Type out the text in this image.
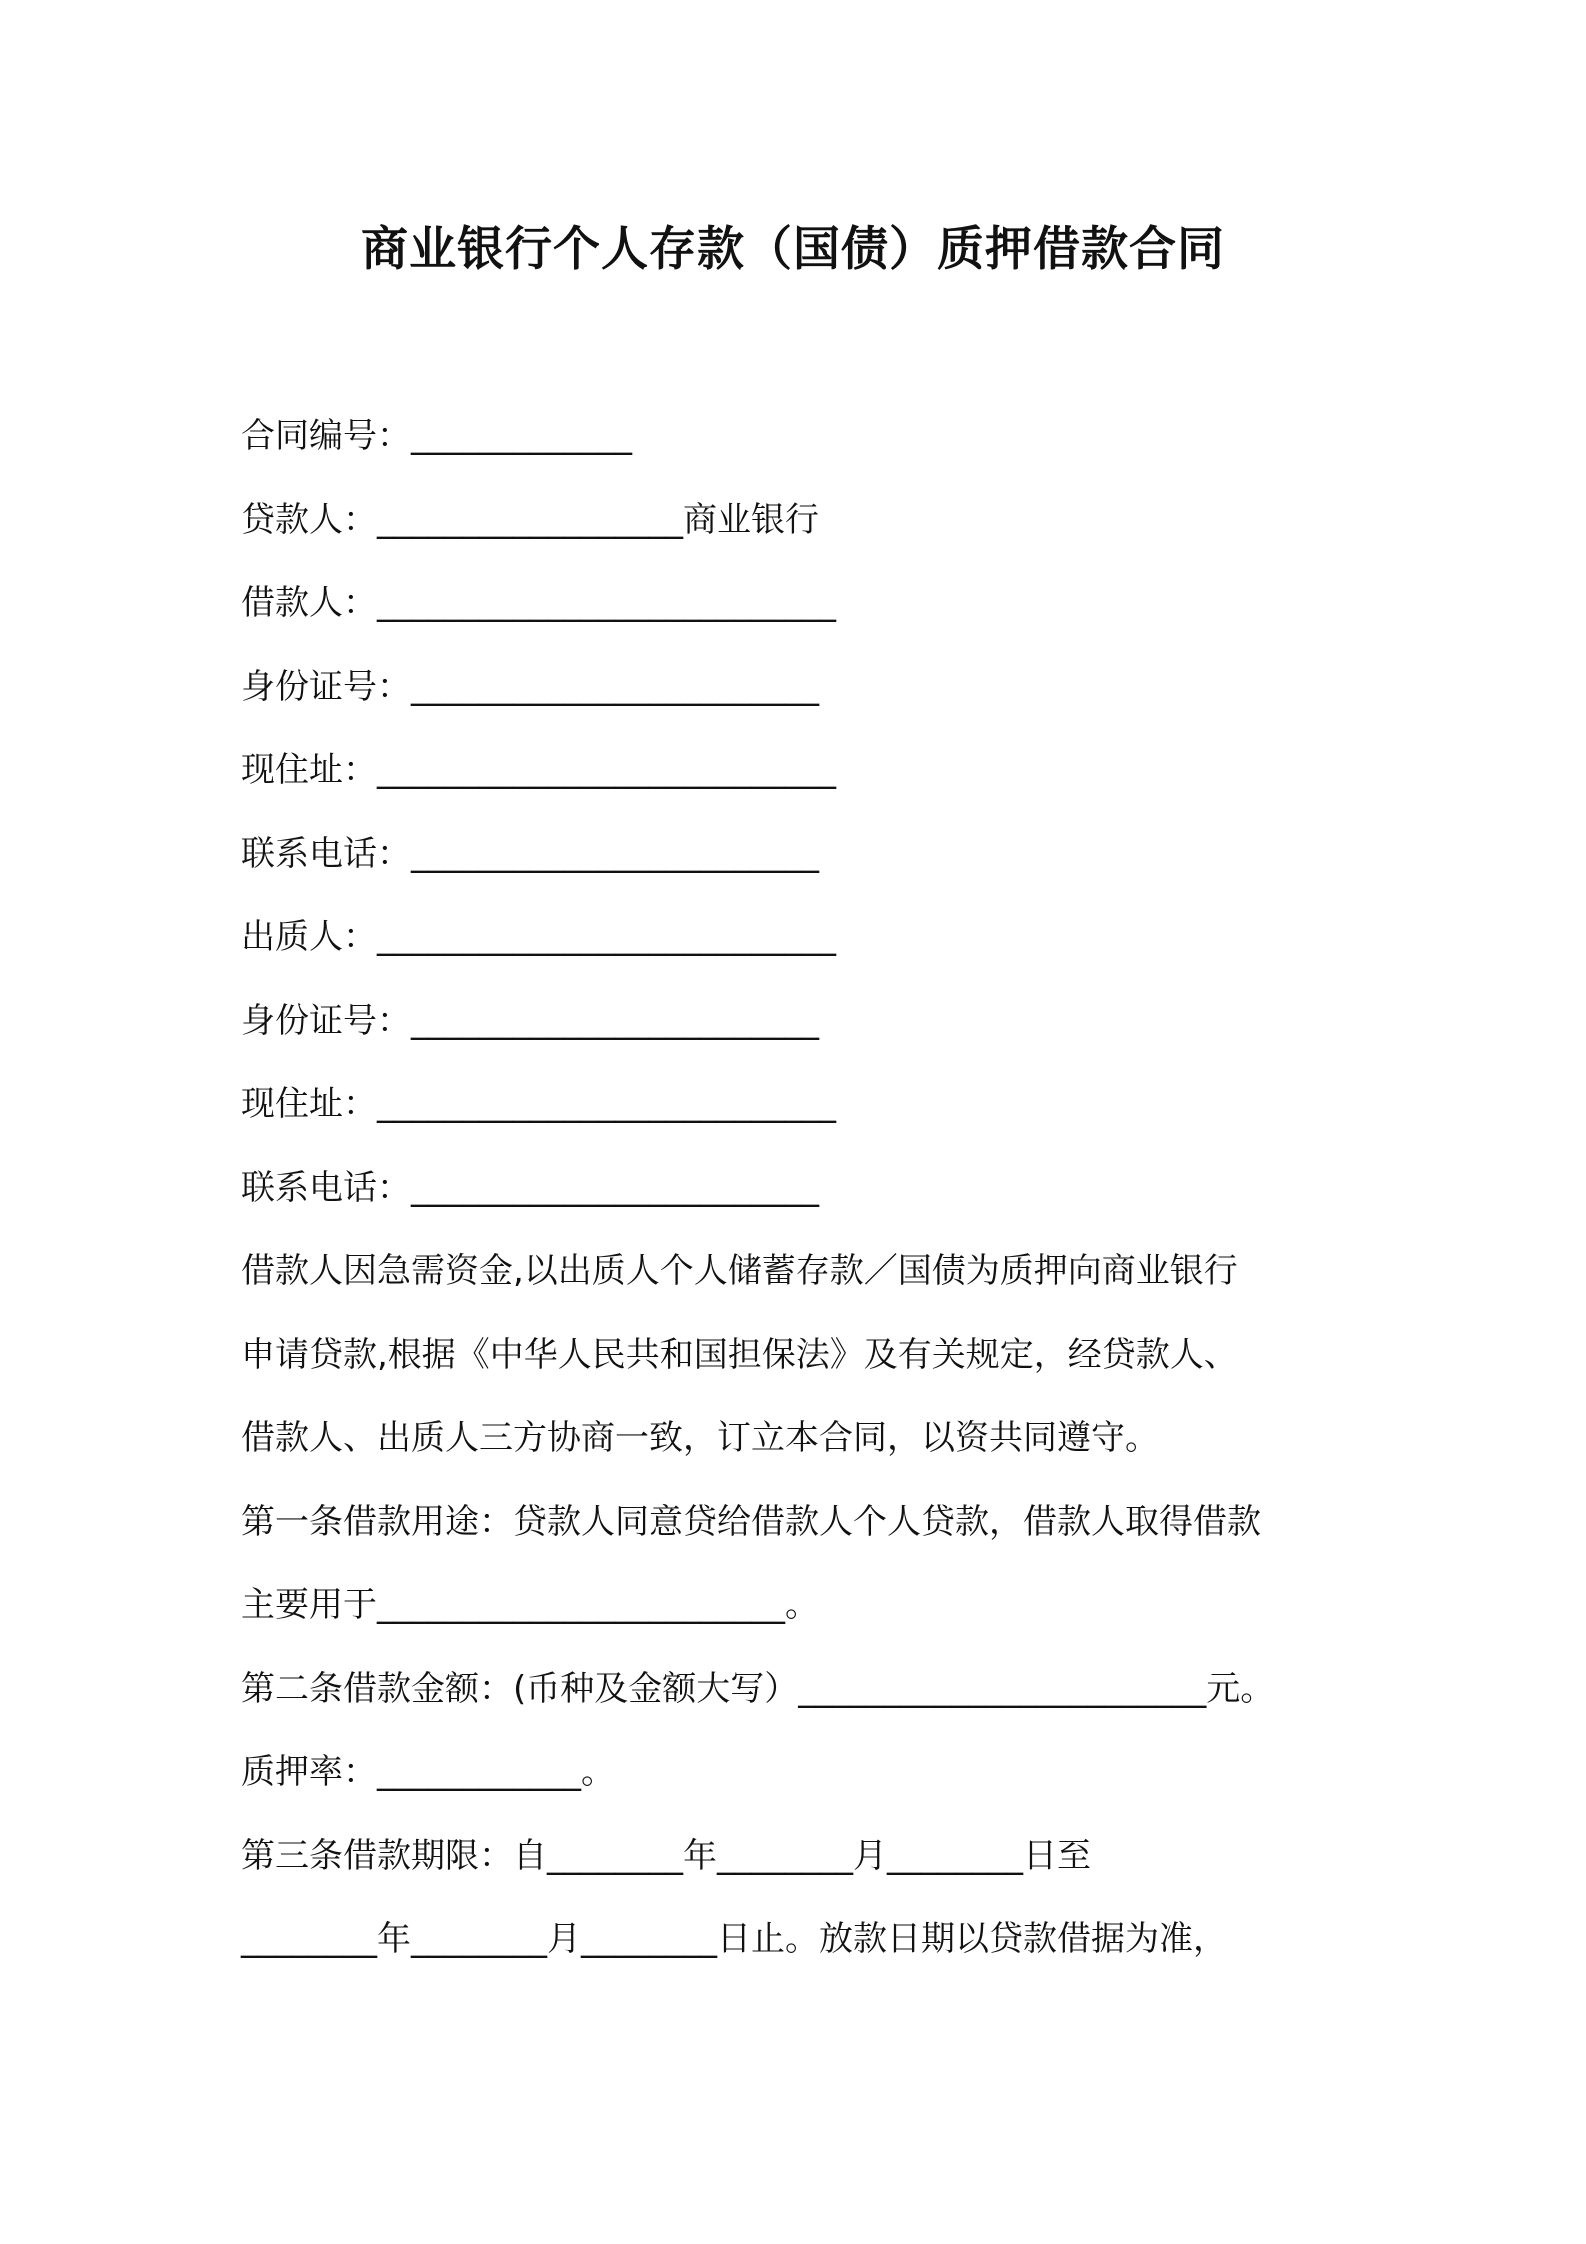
商业银行个人存款（国债）质押借款合同
合同编号：_____________
贷款人：__________________商业银行
借款人：___________________________
身份证号：________________________
现住址：___________________________
联系电话：________________________
出质人：___________________________
身份证号：________________________
现住址：___________________________
联系电话：________________________
借款人因急需资金,以出质人个人储蓄存款／国债为质押向商业银行
申请贷款,根据《中华人民共和国担保法》及有关规定，经贷款人、
借款人、出质人三方协商一致，订立本合同，以资共同遵守。
第一条借款用途：贷款人同意贷给借款人个人贷款，借款人取得借款
主要用于________________________。
第二条借款金额：(币种及金额大写）________________________元。
质押率：____________。
第三条借款期限：自________年________月________日至
________年________月________日止。放款日期以贷款借据为准，
